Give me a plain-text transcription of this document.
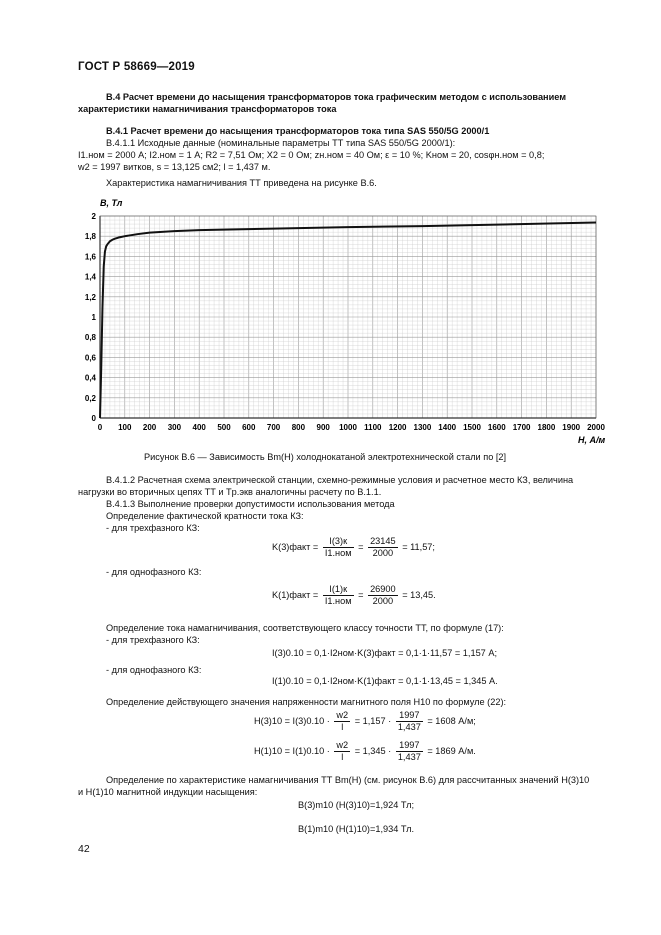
ГОСТ Р 58669—2019
В.4 Расчет времени до насыщения трансформаторов тока графическим методом с использованием
характеристики намагничивания трансформаторов тока
В.4.1 Расчет времени до насыщения трансформаторов тока типа SAS 550/5G 2000/1
В.4.1.1 Исходные данные (номинальные параметры ТТ типа SAS 550/5G 2000/1):
I1.ном = 2000 А; I2.ном = 1 А; R2 = 7,51 Ом; X2 = 0 Ом; zн.ном = 40 Ом; ε = 10 %; Kном = 20, cosφн.ном = 0,8;
w2 = 1997 витков, s = 13,125 см2; l = 1,437 м.
Характеристика намагничивания ТТ приведена на рисунке В.6.
0 100 200 300 400 500 600 700 800 900 1000 1100 1200 1300 1400 1500 1600 1700 1800 1900 2000
0
0,2
0,4
0,6
0,8
1
1,2
1,4
1,6
1,8
2
B, Тл
H, А/м
Рисунок В.6 — Зависимость Bm(H) холоднокатаной электротехнической стали по [2]
В.4.1.2 Расчетная схема электрической станции, схемно-режимные условия и расчетное место КЗ, величина
нагрузки во вторичных цепях ТТ и Tр.экв аналогичны расчету по В.1.1.
В.4.1.3 Выполнение проверки допустимости использования метода
Определение фактической кратности тока КЗ:
- для трехфазного КЗ:
K(3)факт = $\frac{I(3)к}{\text{I1.ном}} = \frac{23145}{2000} = 11,57$;
- для однофазного КЗ:
K(1)факт = $\frac{I(1)к}{\text{I1.ном}} = \frac{26900}{2000} = 13,45$.
Определение тока намагничивания, соответствующего классу точности ТТ, по формуле (17):
- для трехфазного КЗ:
I(3)0.10 = 0,1·I2ном·K(3)факт = 0,1·1·11,57 = 1,157 А;
- для однофазного КЗ:
I(1)0.10 = 0,1·I2ном·K(1)факт = 0,1·1·13,45 = 1,345 А.
Определение действующего значения напряженности магнитного поля H10 по формуле (22):
$H(3)10 = I(3)0.10 \cdot \frac{w2}{l} = 1,157 \cdot \frac{1997}{1,437} = 1608$ А/м;
$H(1)10 = I(1)0.10 \cdot \frac{w2}{l} = 1,345 \cdot \frac{1997}{1,437} = 1869$ А/м.
Определение по характеристике намагничивания ТТ Bm(H) (см. рисунок В.6) для рассчитанных значений H(3)10
и H(1)10 магнитной индукции насыщения:
B(3)m10 (H(3)10)=1,924 Тл;
B(1)m10 (H(1)10)=1,934 Тл.
42
